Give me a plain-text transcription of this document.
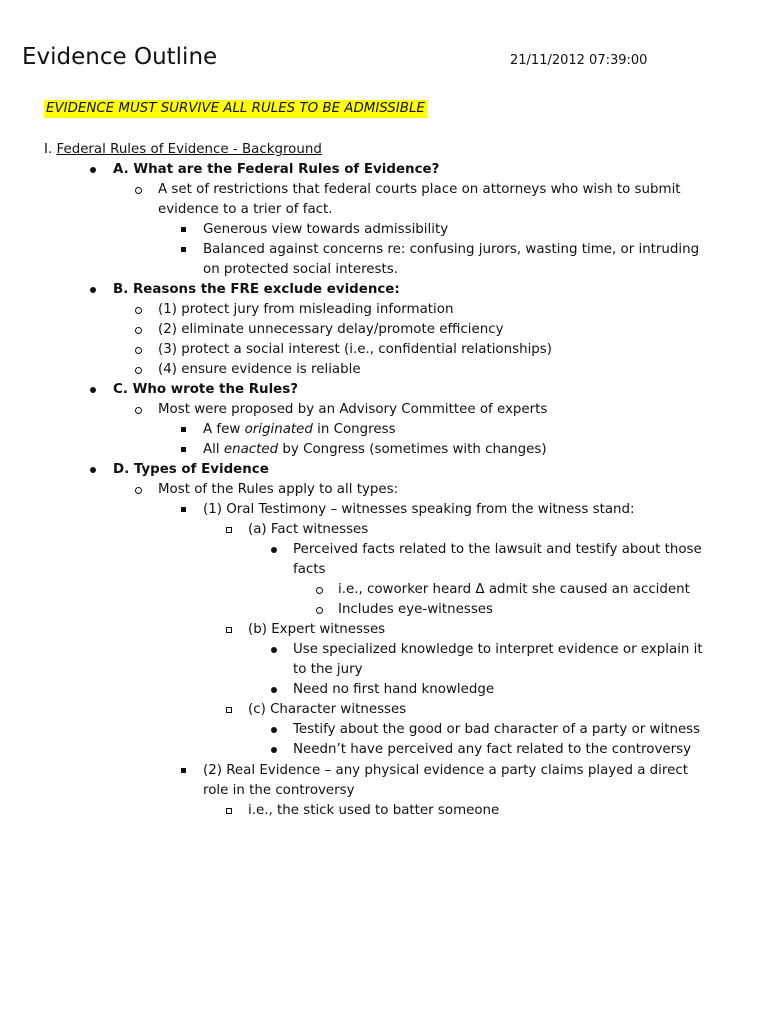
Evidence Outline	21/11/2012 07:39:00
EVIDENCE MUST SURVIVE ALL RULES TO BE ADMISSIBLE
I. Federal Rules of Evidence - Background
A. What are the Federal Rules of Evidence?
A set of restrictions that federal courts place on attorneys who wish to submit
evidence to a trier of fact.
Generous view towards admissibility
Balanced against concerns re: confusing jurors, wasting time, or intruding
on protected social interests.
B. Reasons the FRE exclude evidence:
(1) protect jury from misleading information
(2) eliminate unnecessary delay/promote efficiency
(3) protect a social interest (i.e., confidential relationships)
(4) ensure evidence is reliable
C. Who wrote the Rules?
Most were proposed by an Advisory Committee of experts
A few originated in Congress
All enacted by Congress (sometimes with changes)
D. Types of Evidence
Most of the Rules apply to all types:
(1) Oral Testimony – witnesses speaking from the witness stand:
(a) Fact witnesses
Perceived facts related to the lawsuit and testify about those
facts
i.e., coworker heard Δ admit she caused an accident
Includes eye-witnesses
(b) Expert witnesses
Use specialized knowledge to interpret evidence or explain it
to the jury
Need no first hand knowledge
(c) Character witnesses
Testify about the good or bad character of a party or witness
Needn’t have perceived any fact related to the controversy
(2) Real Evidence – any physical evidence a party claims played a direct
role in the controversy
i.e., the stick used to batter someone
